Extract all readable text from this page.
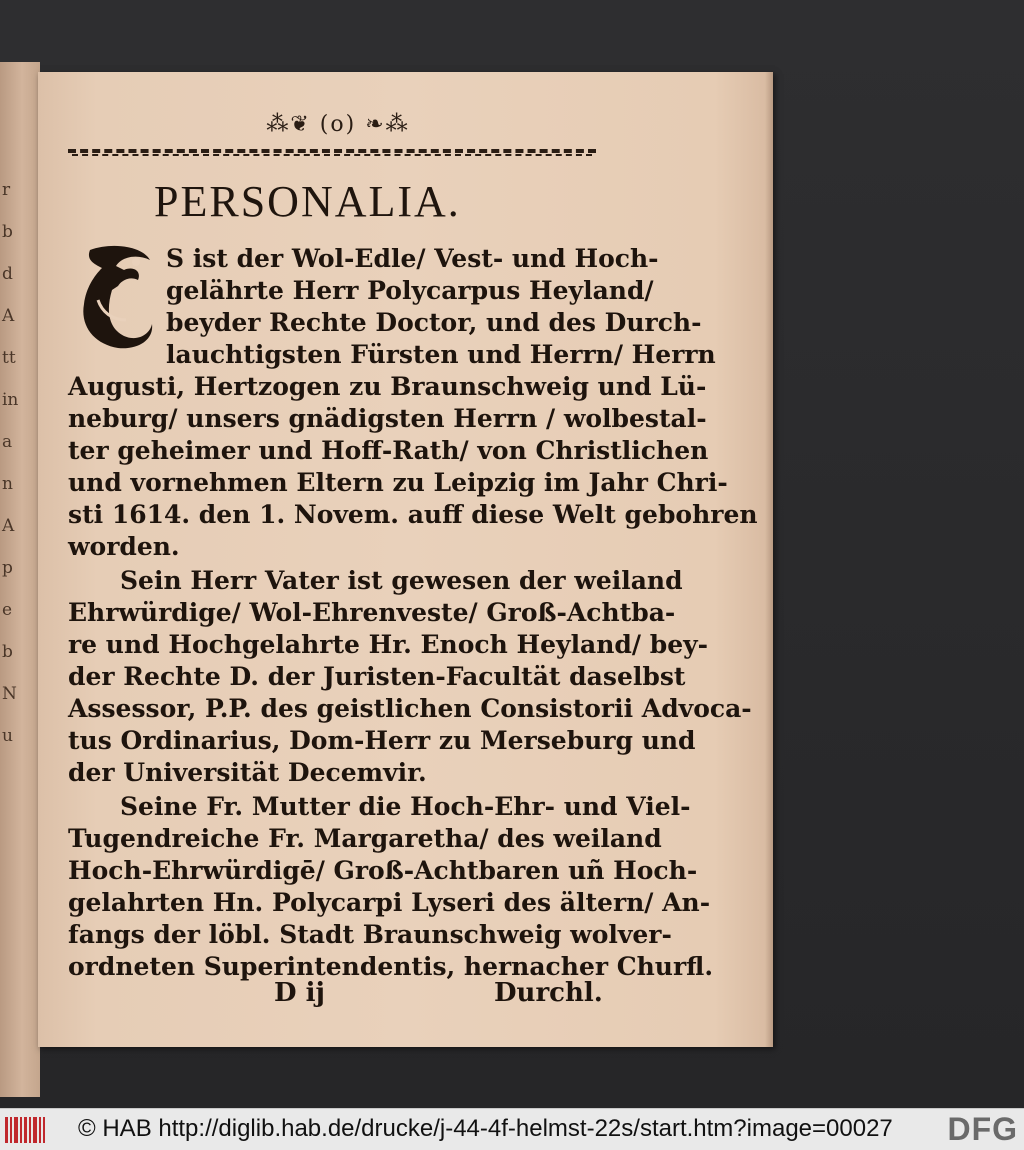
⁂❦ (o) ❧⁂
PERSONALIA.
S ist der Wol-Edle/ Vest- und Hoch-
gelährte Herr Polycarpus Heyland/
beyder Rechte Doctor, und des Durch-
lauchtigsten Fürsten und Herrn/ Herrn
Augusti, Hertzogen zu Braunschweig und Lü-
neburg/ unsers gnädigsten Herrn / wolbestal-
ter geheimer und Hoff-Rath/ von Christlichen
und vornehmen Eltern zu Leipzig im Jahr Chri-
sti 1614. den 1. Novem. auff diese Welt gebohren
worden.
Sein Herr Vater ist gewesen der weiland
Ehrwürdige/ Wol-Ehrenveste/ Groß-Achtba-
re und Hochgelahrte Hr. Enoch Heyland/ bey-
der Rechte D. der Juristen-Facultät daselbst
Assessor, P.P. des geistlichen Consistorii Advoca-
tus Ordinarius, Dom-Herr zu Merseburg und
der Universität Decemvir.
Seine Fr. Mutter die Hoch-Ehr- und Viel-
Tugendreiche Fr. Margaretha/ des weiland
Hoch-Ehrwürdigē/ Groß-Achtbaren uñ Hoch-
gelahrten Hn. Polycarpi Lyseri des ältern/ An-
fangs der löbl. Stadt Braunschweig wolver-
ordneten Superintendentis, hernacher Churfl.
D ij	Durchl.
r
b
d
A
tt
in
a
n
A
p
e
b
N
u
© HAB http://diglib.hab.de/drucke/j-44-4f-helmst-22s/start.htm?image=00027 DFG
